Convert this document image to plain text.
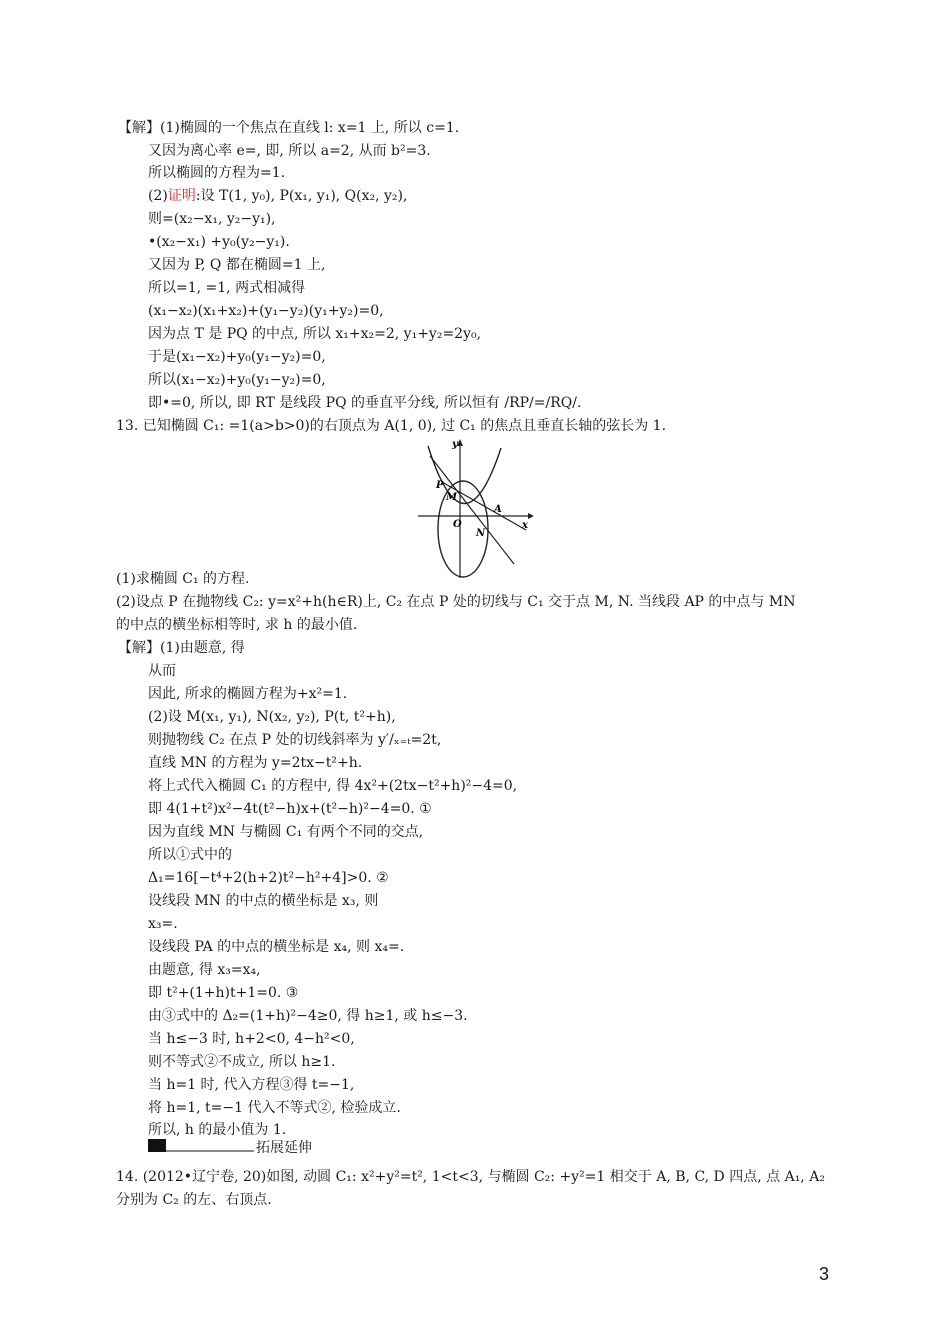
【解】(1)椭圆的一个焦点在直线 l: x=1 上, 所以 c=1.
又因为离心率 e=, 即, 所以 a=2, 从而 b²=3.
所以椭圆的方程为=1.
(2)证明:设 T(1, y₀), P(x₁, y₁), Q(x₂, y₂),
则=(x₂−x₁, y₂−y₁),
•(x₂−x₁) +y₀(y₂−y₁).
又因为 P, Q 都在椭圆=1 上,
所以=1, =1, 两式相减得
(x₁−x₂)(x₁+x₂)+(y₁−y₂)(y₁+y₂)=0,
因为点 T 是 PQ 的中点, 所以 x₁+x₂=2, y₁+y₂=2y₀,
于是(x₁−x₂)+y₀(y₁−y₂)=0,
所以(x₁−x₂)+y₀(y₁−y₂)=0,
即•=0, 所以, 即 RT 是线段 PQ 的垂直平分线, 所以恒有 /RP/=/RQ/.
13. 已知椭圆 C₁: =1(a>b>0)的右顶点为 A(1, 0), 过 C₁ 的焦点且垂直长轴的弦长为 1.
y
x
P
M
O
A
N
(1)求椭圆 C₁ 的方程.
(2)设点 P 在抛物线 C₂: y=x²+h(h∈R)上, C₂ 在点 P 处的切线与 C₁ 交于点 M, N. 当线段 AP 的中点与 MN
的中点的横坐标相等时, 求 h 的最小值.
【解】(1)由题意, 得
从而
因此, 所求的椭圆方程为+x²=1.
(2)设 M(x₁, y₁), N(x₂, y₂), P(t, t²+h),
则抛物线 C₂ 在点 P 处的切线斜率为 y′/ₓ₌ₜ=2t,
直线 MN 的方程为 y=2tx−t²+h.
将上式代入椭圆 C₁ 的方程中, 得 4x²+(2tx−t²+h)²−4=0,
即 4(1+t²)x²−4t(t²−h)x+(t²−h)²−4=0. ①
因为直线 MN 与椭圆 C₁ 有两个不同的交点,
所以①式中的
Δ₁=16[−t⁴+2(h+2)t²−h²+4]>0. ②
设线段 MN 的中点的横坐标是 x₃, 则
x₃=.
设线段 PA 的中点的横坐标是 x₄, 则 x₄=.
由题意, 得 x₃=x₄,
即 t²+(1+h)t+1=0. ③
由③式中的 Δ₂=(1+h)²−4≥0, 得 h≥1, 或 h≤−3.
当 h≤−3 时, h+2<0, 4−h²<0,
则不等式②不成立, 所以 h≥1.
当 h=1 时, 代入方程③得 t=−1,
将 h=1, t=−1 代入不等式②, 检验成立.
所以, h 的最小值为 1.
拓展延伸
14. (2012•辽宁卷, 20)如图, 动圆 C₁: x²+y²=t², 1<t<3, 与椭圆 C₂: +y²=1 相交于 A, B, C, D 四点, 点 A₁, A₂
分别为 C₂ 的左、右顶点.
3
